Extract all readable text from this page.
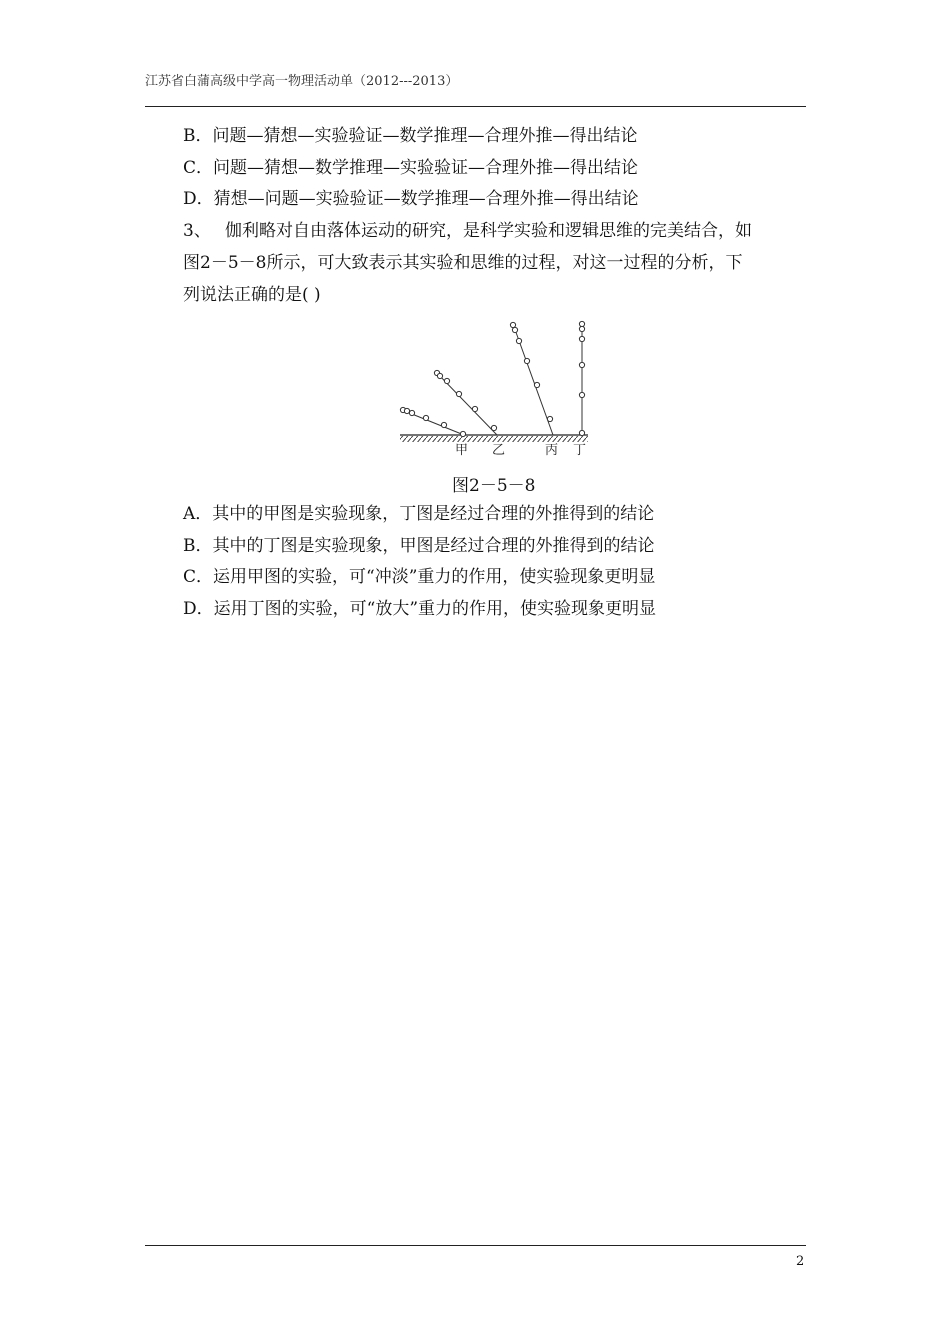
江苏省白蒲高级中学高一物理活动单（2012---2013）
B．问题—猜想—实验验证—数学推理—合理外推—得出结论
C．问题—猜想—数学推理—实验验证—合理外推—得出结论
D．猜想—问题—实验验证—数学推理—合理外推—得出结论
3、 伽利略对自由落体运动的研究，是科学实验和逻辑思维的完美结合，如
图2－5－8所示，可大致表示其实验和思维的过程，对这一过程的分析，下
列说法正确的是( )
甲 乙	丙 丁
图2－5－8
A．其中的甲图是实验现象，丁图是经过合理的外推得到的结论
B．其中的丁图是实验现象，甲图是经过合理的外推得到的结论
C．运用甲图的实验，可“冲淡”重力的作用，使实验现象更明显
D．运用丁图的实验，可“放大”重力的作用，使实验现象更明显
2
